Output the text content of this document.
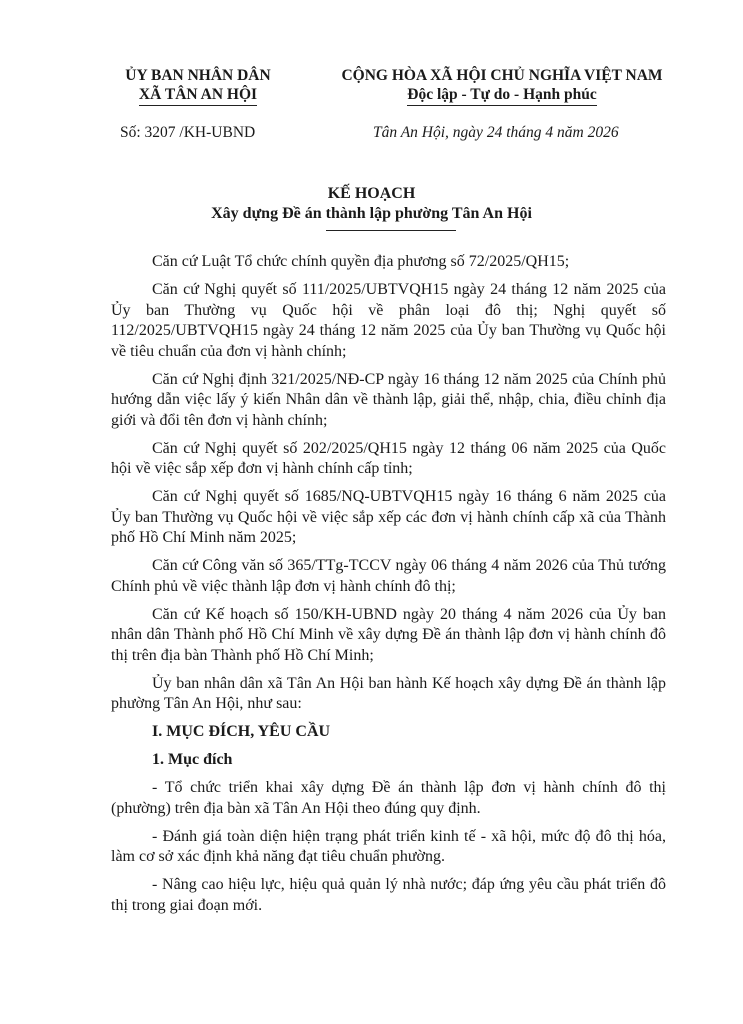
ỦY BAN NHÂN DÂN
XÃ TÂN AN HỘI
CỘNG HÒA XÃ HỘI CHỦ NGHĨA VIỆT NAM
Độc lập - Tự do - Hạnh phúc
Số: 3207 /KH-UBND	Tân An Hội, ngày 24 tháng 4 năm 2026
KẾ HOẠCH
Xây dựng Đề án thành lập phường Tân An Hội

Căn cứ Luật Tổ chức chính quyền địa phương số 72/2025/QH15;

Căn cứ Nghị quyết số 111/2025/UBTVQH15 ngày 24 tháng 12 năm 2025 của Ủy ban Thường vụ Quốc hội về phân loại đô thị; Nghị quyết số 112/2025/UBTVQH15 ngày 24 tháng 12 năm 2025 của Ủy ban Thường vụ Quốc hội về tiêu chuẩn của đơn vị hành chính;

Căn cứ Nghị định 321/2025/NĐ-CP ngày 16 tháng 12 năm 2025 của Chính phủ hướng dẫn việc lấy ý kiến Nhân dân về thành lập, giải thể, nhập, chia, điều chỉnh địa giới và đổi tên đơn vị hành chính;

Căn cứ Nghị quyết số 202/2025/QH15 ngày 12 tháng 06 năm 2025 của Quốc hội về việc sắp xếp đơn vị hành chính cấp tỉnh;

Căn cứ Nghị quyết số 1685/NQ-UBTVQH15 ngày 16 tháng 6 năm 2025 của Ủy ban Thường vụ Quốc hội về việc sắp xếp các đơn vị hành chính cấp xã của Thành phố Hồ Chí Minh năm 2025;

Căn cứ Công văn số 365/TTg-TCCV ngày 06 tháng 4 năm 2026 của Thủ tướng Chính phủ về việc thành lập đơn vị hành chính đô thị;

Căn cứ Kế hoạch số 150/KH-UBND ngày 20 tháng 4 năm 2026 của Ủy ban nhân dân Thành phố Hồ Chí Minh về xây dựng Đề án thành lập đơn vị hành chính đô thị trên địa bàn Thành phố Hồ Chí Minh;

Ủy ban nhân dân xã Tân An Hội ban hành Kế hoạch xây dựng Đề án thành lập phường Tân An Hội, như sau:

I. MỤC ĐÍCH, YÊU CẦU

1. Mục đích

- Tổ chức triển khai xây dựng Đề án thành lập đơn vị hành chính đô thị (phường) trên địa bàn xã Tân An Hội theo đúng quy định.

- Đánh giá toàn diện hiện trạng phát triển kinh tế - xã hội, mức độ đô thị hóa, làm cơ sở xác định khả năng đạt tiêu chuẩn phường.

- Nâng cao hiệu lực, hiệu quả quản lý nhà nước; đáp ứng yêu cầu phát triển đô thị trong giai đoạn mới.
